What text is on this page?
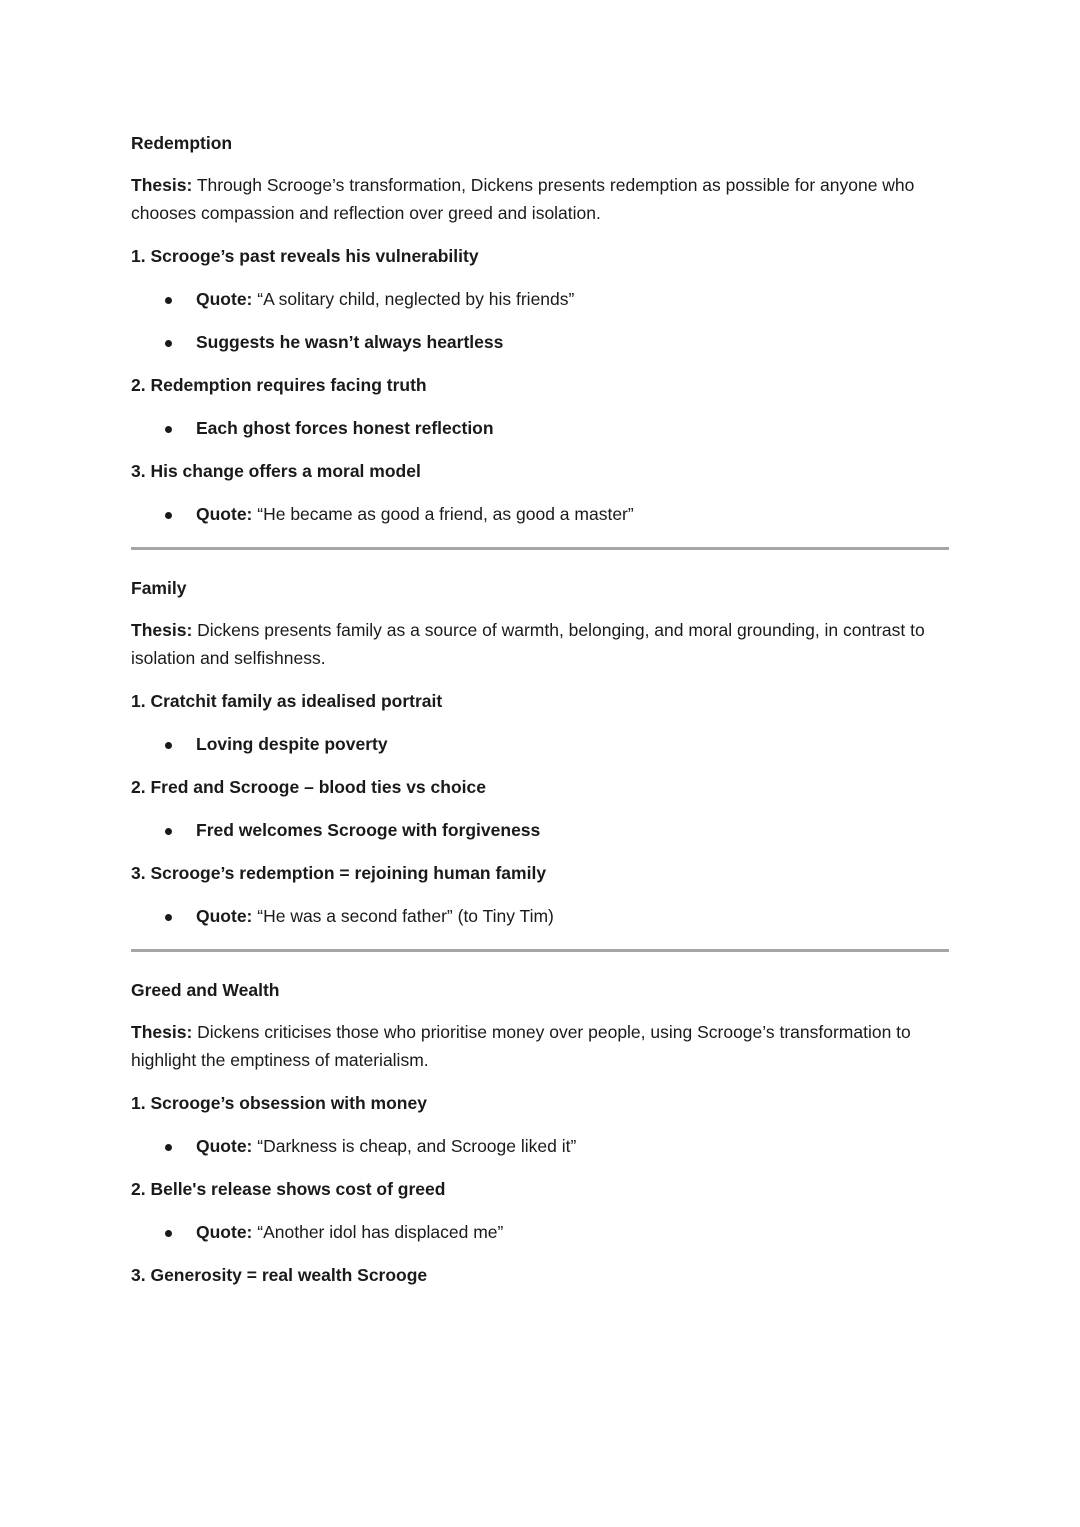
Redemption
Thesis: Through Scrooge’s transformation, Dickens presents redemption as possible for anyone who chooses compassion and reflection over greed and isolation.
1. Scrooge’s past reveals his vulnerability
Quote: “A solitary child, neglected by his friends”
Suggests he wasn’t always heartless
2. Redemption requires facing truth
Each ghost forces honest reflection
3. His change offers a moral model
Quote: “He became as good a friend, as good a master”
Family
Thesis: Dickens presents family as a source of warmth, belonging, and moral grounding, in contrast to isolation and selfishness.
1. Cratchit family as idealised portrait
Loving despite poverty
2. Fred and Scrooge – blood ties vs choice
Fred welcomes Scrooge with forgiveness
3. Scrooge’s redemption = rejoining human family
Quote: “He was a second father” (to Tiny Tim)
Greed and Wealth
Thesis: Dickens criticises those who prioritise money over people, using Scrooge’s transformation to highlight the emptiness of materialism.
1. Scrooge’s obsession with money
Quote: “Darkness is cheap, and Scrooge liked it”
2. Belle's release shows cost of greed
Quote: “Another idol has displaced me”
3. Generosity = real wealth Scrooge
